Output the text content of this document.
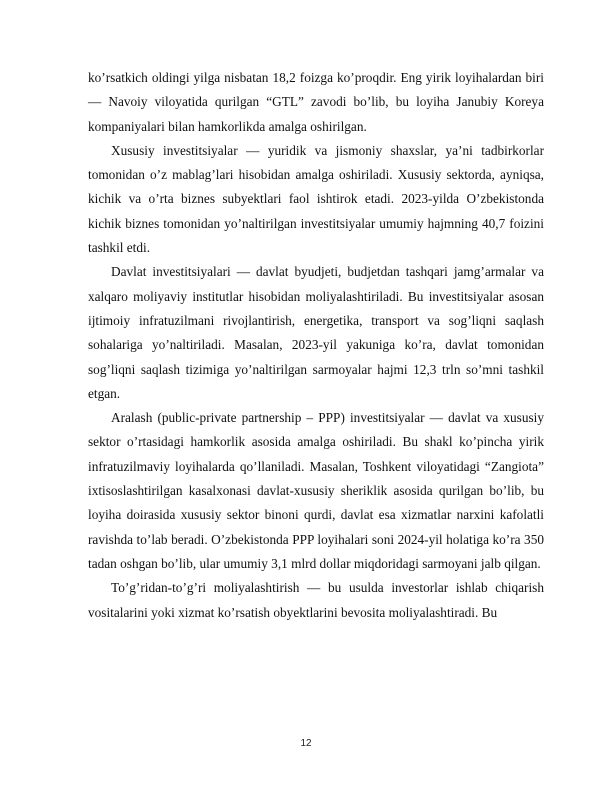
ko’rsatkich oldingi yilga nisbatan 18,2 foizga ko’proqdir. Eng yirik loyihalardan biri — Navoiy viloyatida qurilgan “GTL” zavodi bo’lib, bu loyiha Janubiy Koreya kompaniyalari bilan hamkorlikda amalga oshirilgan.

Xususiy investitsiyalar — yuridik va jismoniy shaxslar, ya’ni tadbirkorlar tomonidan o’z mablag’lari hisobidan amalga oshiriladi. Xususiy sektorda, ayniqsa, kichik va o’rta biznes subyektlari faol ishtirok etadi. 2023-yilda O’zbekistonda kichik biznes tomonidan yo’naltirilgan investitsiyalar umumiy hajmning 40,7 foizini tashkil etdi.

Davlat investitsiyalari — davlat byudjeti, budjetdan tashqari jamg’armalar va xalqaro moliyaviy institutlar hisobidan moliyalashtiriladi. Bu investitsiyalar asosan ijtimoiy infratuzilmani rivojlantirish, energetika, transport va sog’liqni saqlash sohalariga yo’naltiriladi. Masalan, 2023-yil yakuniga ko’ra, davlat tomonidan sog’liqni saqlash tizimiga yo’naltirilgan sarmoyalar hajmi 12,3 trln so’mni tashkil etgan.

Aralash (public-private partnership – PPP) investitsiyalar — davlat va xususiy sektor o’rtasidagi hamkorlik asosida amalga oshiriladi. Bu shakl ko’pincha yirik infratuzilmaviy loyihalarda qo’llaniladi. Masalan, Toshkent viloyatidagi “Zangiota” ixtisoslashtirilgan kasalxonasi davlat-xususiy sheriklik asosida qurilgan bo’lib, bu loyiha doirasida xususiy sektor binoni qurdi, davlat esa xizmatlar narxini kafolatli ravishda to’lab beradi. O’zbekistonda PPP loyihalari soni 2024-yil holatiga ko’ra 350 tadan oshgan bo’lib, ular umumiy 3,1 mlrd dollar miqdoridagi sarmoyani jalb qilgan.

To’g’ridan-to’g’ri moliyalashtirish — bu usulda investorlar ishlab chiqarish vositalarini yoki xizmat ko’rsatish obyektlarini bevosita moliyalashtiradi. Bu

12
